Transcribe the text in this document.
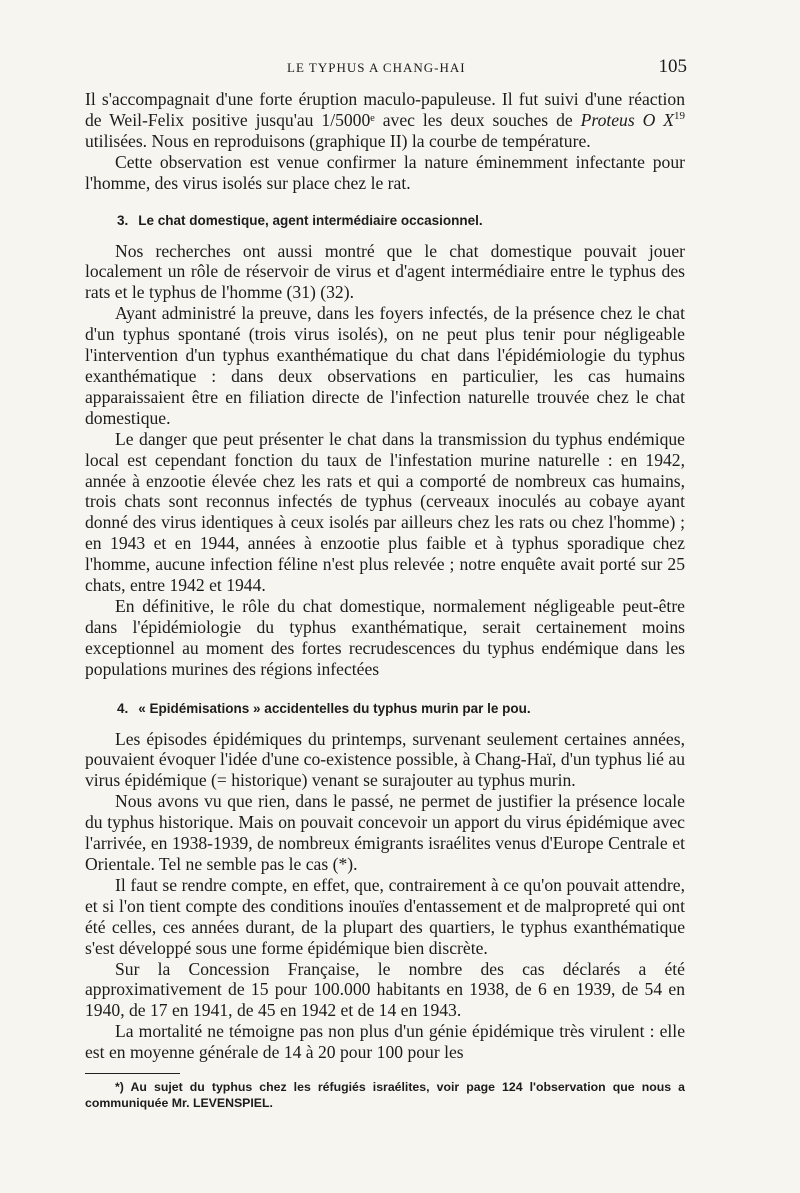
LE TYPHUS A CHANG-HAI	105

Il s'accompagnait d'une forte éruption maculo-papuleuse. Il fut suivi d'une réaction de Weil-Felix positive jusqu'au 1/5000ᵉ avec les deux souches de Proteus O $X^{19}$ utilisées. Nous en reproduisons (graphique II) la courbe de température.

Cette observation est venue confirmer la nature éminemment infectante pour l'homme, des virus isolés sur place chez le rat.

3. Le chat domestique, agent intermédiaire occasionnel.

Nos recherches ont aussi montré que le chat domestique pouvait jouer localement un rôle de réservoir de virus et d'agent intermédiaire entre le typhus des rats et le typhus de l'homme (31) (32).

Ayant administré la preuve, dans les foyers infectés, de la présence chez le chat d'un typhus spontané (trois virus isolés), on ne peut plus tenir pour négligeable l'intervention d'un typhus exanthématique du chat dans l'épidémiologie du typhus exanthématique : dans deux observations en particulier, les cas humains apparaissaient être en filiation directe de l'infection naturelle trouvée chez le chat domestique.

Le danger que peut présenter le chat dans la transmission du typhus endémique local est cependant fonction du taux de l'infestation murine naturelle : en 1942, année à enzootie élevée chez les rats et qui a comporté de nombreux cas humains, trois chats sont reconnus infectés de typhus (cerveaux inoculés au cobaye ayant donné des virus identiques à ceux isolés par ailleurs chez les rats ou chez l'homme) ; en 1943 et en 1944, années à enzootie plus faible et à typhus sporadique chez l'homme, aucune infection féline n'est plus relevée ; notre enquête avait porté sur 25 chats, entre 1942 et 1944.

En définitive, le rôle du chat domestique, normalement négligeable peut-être dans l'épidémiologie du typhus exanthématique, serait certainement moins exceptionnel au moment des fortes recrudescences du typhus endémique dans les populations murines des régions infectées

4. « Epidémisations » accidentelles du typhus murin par le pou.

Les épisodes épidémiques du printemps, survenant seulement certaines années, pouvaient évoquer l'idée d'une co-existence possible, à Chang-Haï, d'un typhus lié au virus épidémique (= historique) venant se surajouter au typhus murin.

Nous avons vu que rien, dans le passé, ne permet de justifier la présence locale du typhus historique. Mais on pouvait concevoir un apport du virus épidémique avec l'arrivée, en 1938-1939, de nombreux émigrants israélites venus d'Europe Centrale et Orientale. Tel ne semble pas le cas (*).

Il faut se rendre compte, en effet, que, contrairement à ce qu'on pouvait attendre, et si l'on tient compte des conditions inouïes d'entassement et de malpropreté qui ont été celles, ces années durant, de la plupart des quartiers, le typhus exanthématique s'est développé sous une forme épidémique bien discrète.

Sur la Concession Française, le nombre des cas déclarés a été approximativement de 15 pour 100.000 habitants en 1938, de 6 en 1939, de 54 en 1940, de 17 en 1941, de 45 en 1942 et de 14 en 1943.

La mortalité ne témoigne pas non plus d'un génie épidémique très virulent : elle est en moyenne générale de 14 à 20 pour 100 pour les

*) Au sujet du typhus chez les réfugiés israélites, voir page 124 l'observation que nous a communiquée Mr. LEVENSPIEL.
